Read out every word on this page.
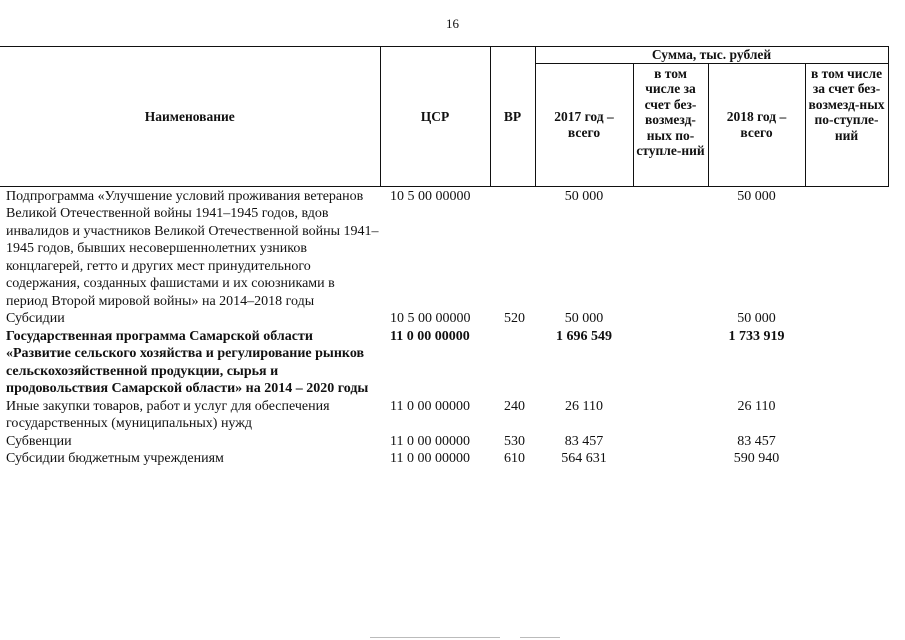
16
Наименование	ЦСР	ВР	Сумма, тыс. рублей			
			2017 год – всего	в том числе за счет без-возмезд-ных по-ступле-ний	2018 год – всего	в том числе за счет без-возмезд-ных по-ступле-ний
Подпрограмма «Улучшение условий проживания ветеранов Великой Отечественной войны 1941–1945 годов, вдов инвалидов и участников Великой Отечественной войны 1941–1945 годов, бывших несовершеннолетних узников концлагерей, гетто и других мест принудительного содержания, созданных фашистами и их союзниками в период Второй мировой войны» на 2014–2018 годы	10 5 00 00000		50 000		50 000	
Субсидии	10 5 00 00000	520	50 000		50 000	
Государственная программа Самарской области «Развитие сельского хозяйства и регулирование рынков сельскохозяйственной продукции, сырья и продовольствия Самарской области» на 2014 – 2020 годы	11 0 00 00000		1 696 549		1 733 919	
Иные закупки товаров, работ и услуг для обеспечения государственных (муниципальных) нужд	11 0 00 00000	240	26 110		26 110	
Субвенции	11 0 00 00000	530	83 457		83 457	
Субсидии бюджетным учреждениям	11 0 00 00000	610	564 631		590 940	
